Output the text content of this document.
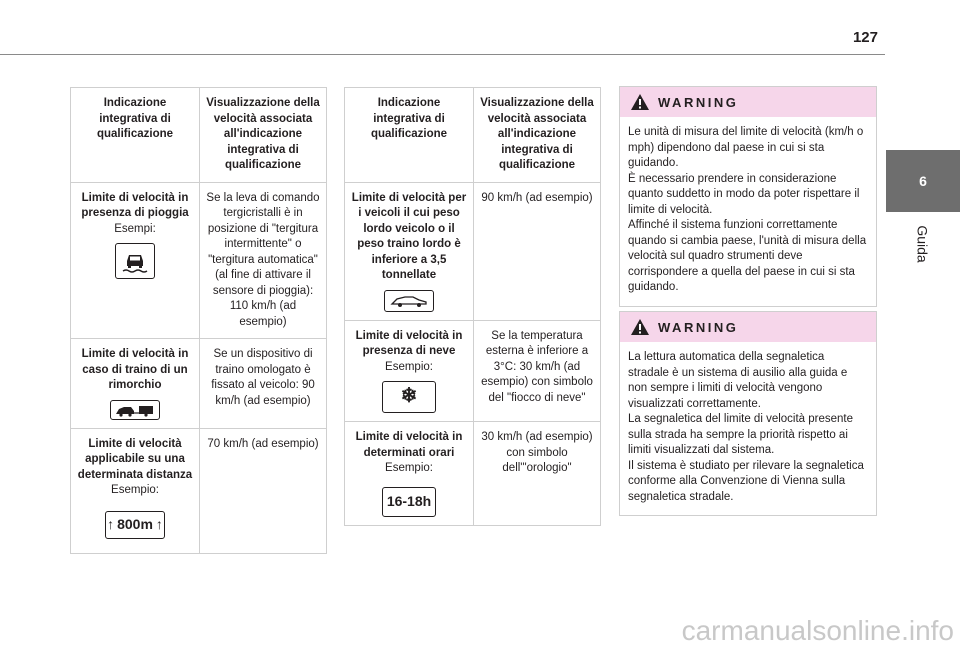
127
6
Guida
Indicazione integrativa di qualificazione	Visualizzazione della velocità associata all'indicazione integrativa di qualificazione

Limite di velocità in presenza di pioggia
Esempi:	Se la leva di comando tergicristalli è in posizione di "tergitura intermittente" o "tergitura automatica" (al fine di attivare il sensore di pioggia): 110 km/h (ad esempio)

Limite di velocità in caso di traino di un rimorchio	Se un dispositivo di traino omologato è fissato al veicolo: 90 km/h (ad esempio)

Limite di velocità applicabile su una determinata distanza
Esempio:
↑ 800m ↑	70 km/h (ad esempio)
Indicazione integrativa di qualificazione	Visualizzazione della velocità associata all'indicazione integrativa di qualificazione

Limite di velocità per i veicoli il cui peso lordo veicolo o il peso traino lordo è inferiore a 3,5 tonnellate	90 km/h (ad esempio)

Limite di velocità in presenza di neve
Esempio:
❄	Se la temperatura esterna è inferiore a 3°C: 30 km/h (ad esempio) con simbolo del "fiocco di neve"

Limite di velocità in determinati orari
Esempio:
16-18h	30 km/h (ad esempio) con simbolo dell'"orologio"
WARNING
Le unità di misura del limite di velocità (km/h o mph) dipendono dal paese in cui si sta guidando.
È necessario prendere in considerazione quanto suddetto in modo da poter rispettare il limite di velocità.
Affinché il sistema funzioni correttamente quando si cambia paese, l'unità di misura della velocità sul quadro strumenti deve corrispondere a quella del paese in cui si sta guidando.
WARNING
La lettura automatica della segnaletica stradale è un sistema di ausilio alla guida e non sempre i limiti di velocità vengono visualizzati correttamente.
La segnaletica del limite di velocità presente sulla strada ha sempre la priorità rispetto ai limiti visualizzati dal sistema.
Il sistema è studiato per rilevare la segnaletica conforme alla Convenzione di Vienna sulla segnaletica stradale.
carmanualsonline.info
